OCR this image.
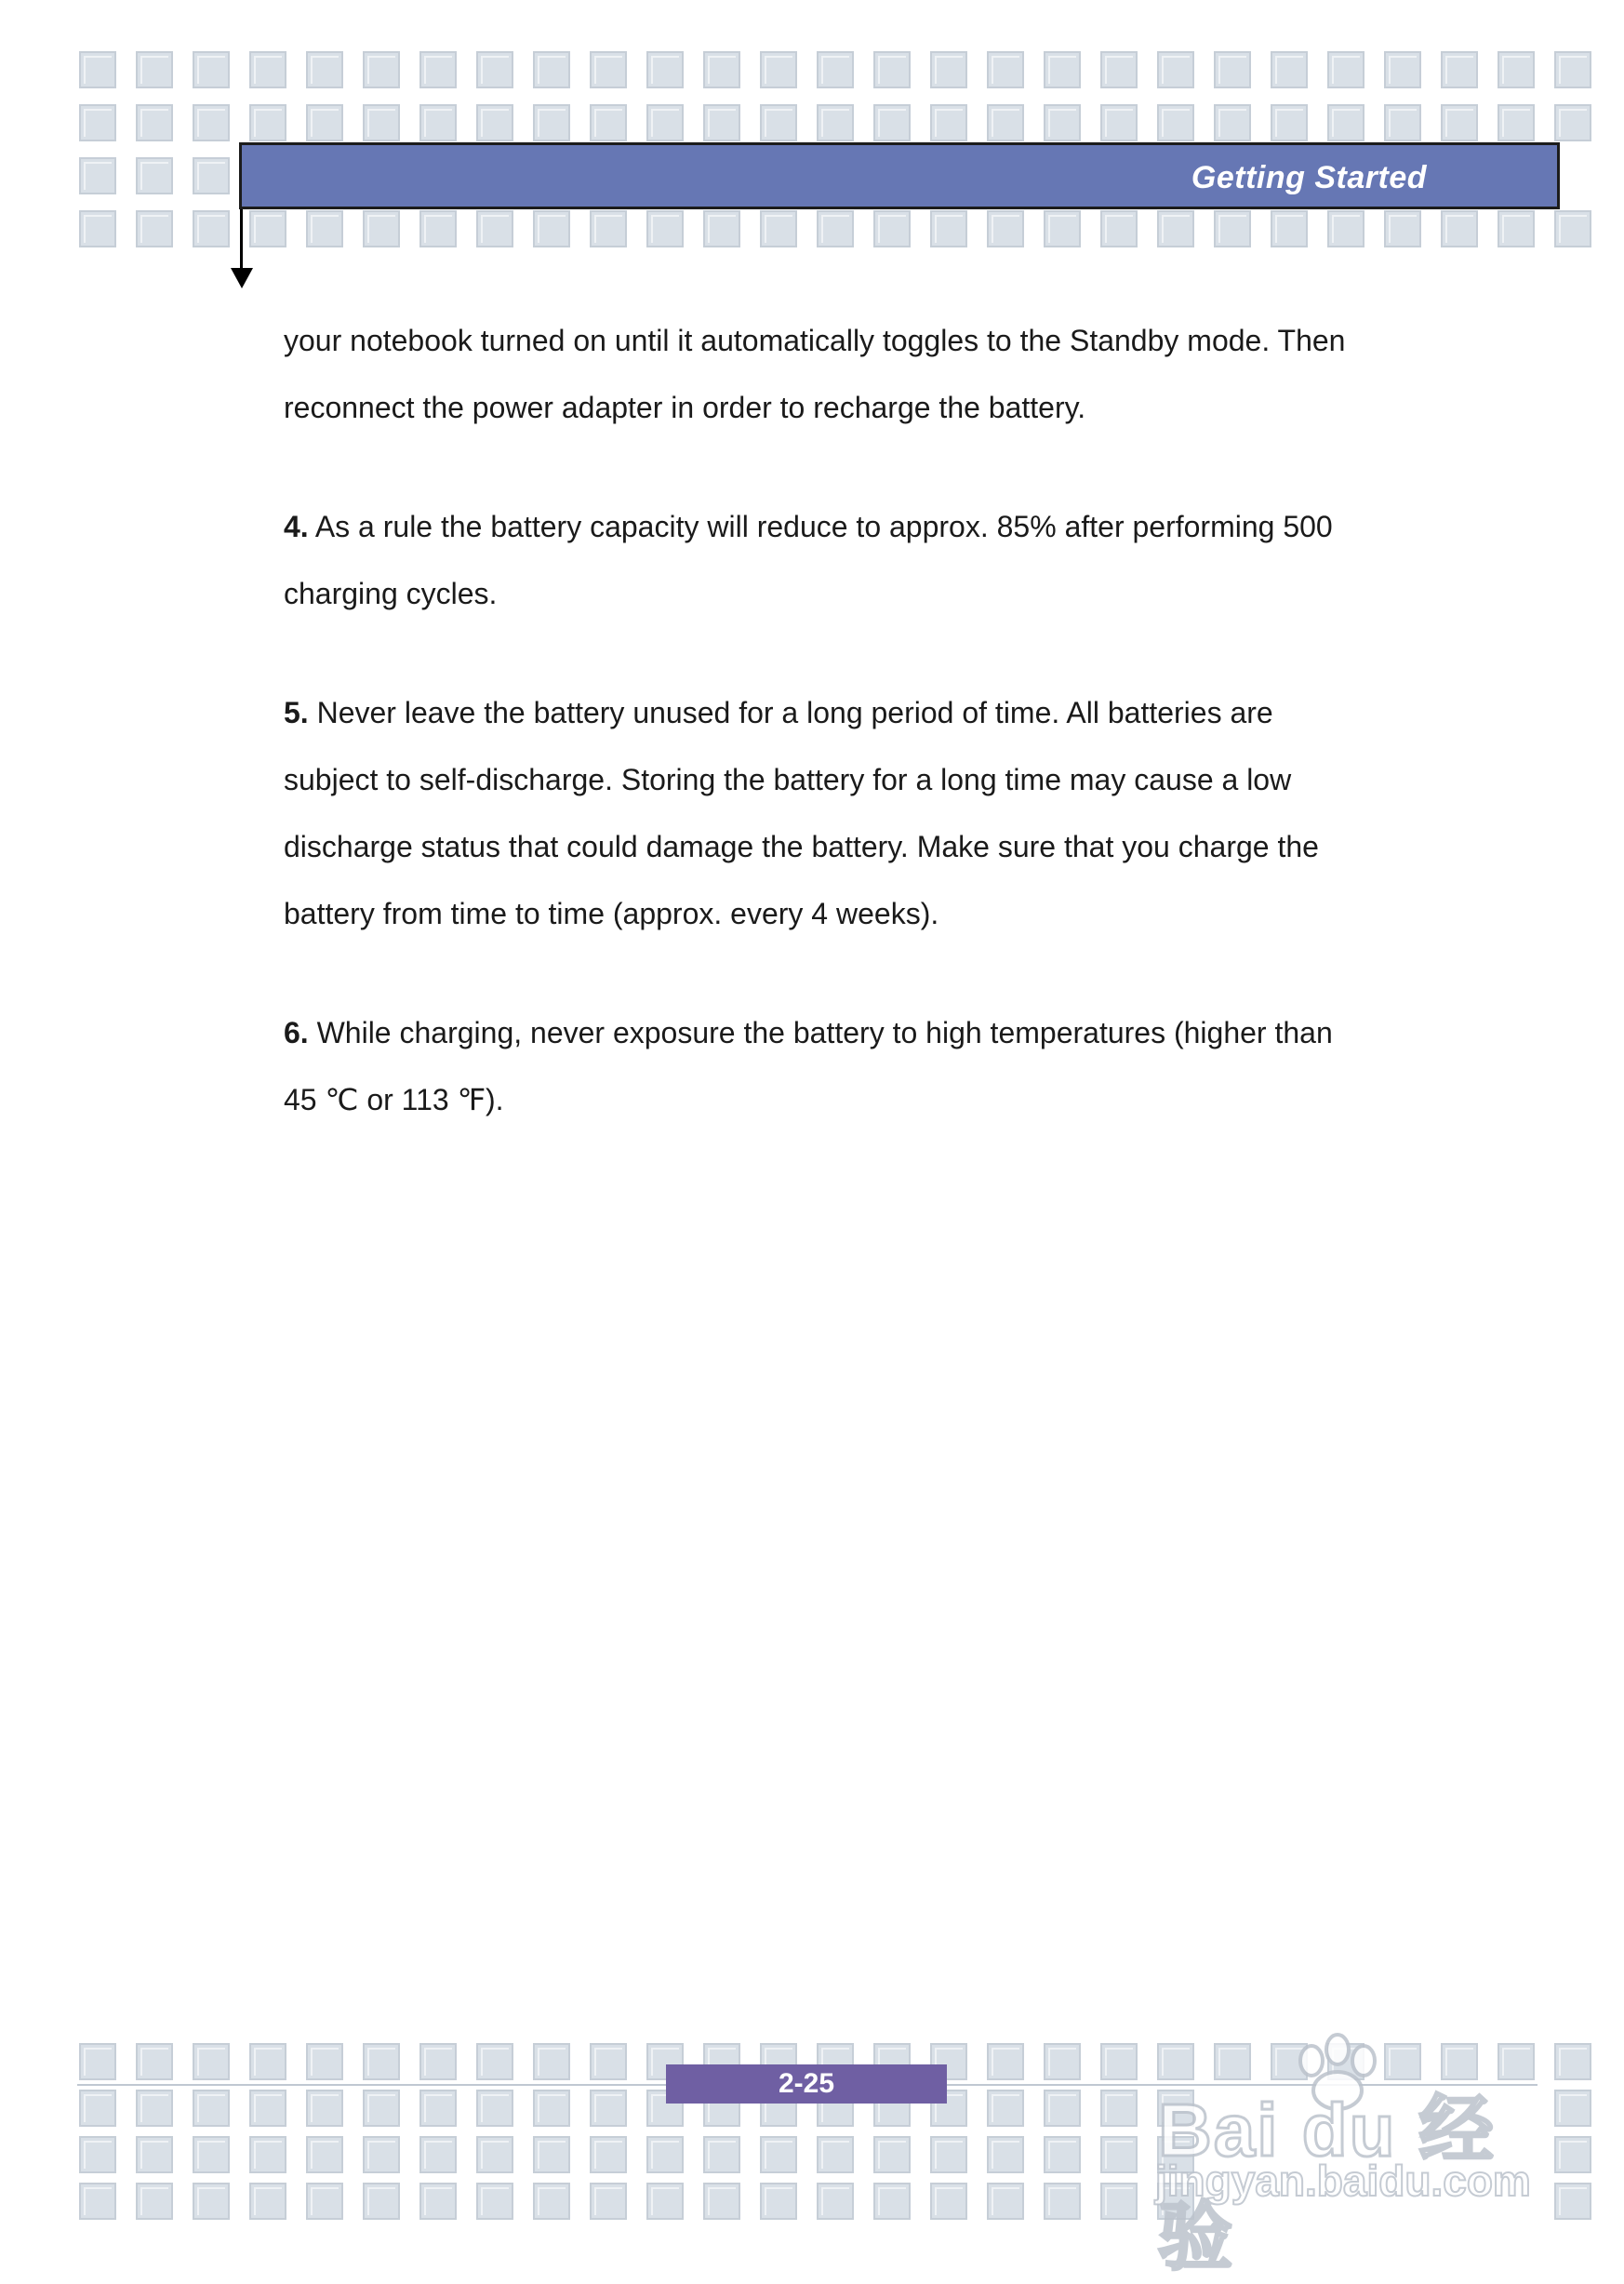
Getting Started

your notebook turned on until it automatically toggles to the Standby mode. Then reconnect the power adapter in order to recharge the battery.

4. As a rule the battery capacity will reduce to approx. 85% after performing 500 charging cycles.

5. Never leave the battery unused for a long period of time. All batteries are subject to self-discharge. Storing the battery for a long time may cause a low discharge status that could damage the battery. Make sure that you charge the battery from time to time (approx. every 4 weeks).

6. While charging, never exposure the battery to high temperatures (higher than 45 ℃ or 113 ℉).

2-25
Bai du 经验
jingyan.baidu.com
